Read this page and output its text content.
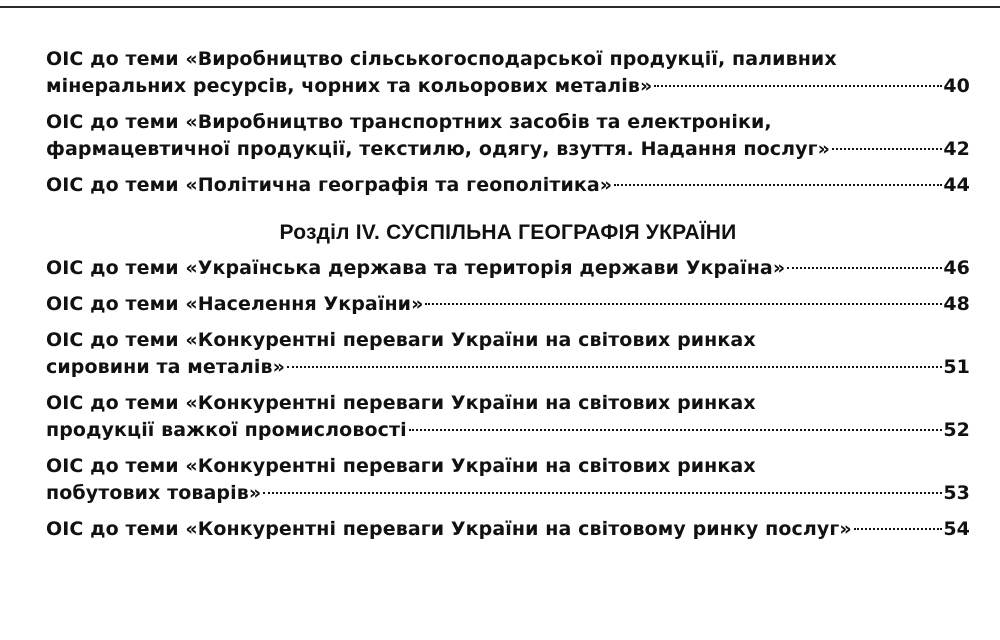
ОІС до теми «Виробництво сільськогосподарської продукції, паливних
мінеральних ресурсів, чорних та кольорових металів»	40
ОІС до теми «Виробництво транспортних засобів та електроніки,
фармацевтичної продукції, текстилю, одягу, взуття. Надання послуг»	42
ОІС до теми «Політична географія та геополітика»	44
Розділ IV. СУСПІЛЬНА ГЕОГРАФІЯ УКРАЇНИ
ОІС до теми «Українська держава та територія держави Україна»	46
ОІС до теми «Населення України»	48
ОІС до теми «Конкурентні переваги України на світових ринках
сировини та металів»	51
ОІС до теми «Конкурентні переваги України на світових ринках
продукції важкої промисловості	52
ОІС до теми «Конкурентні переваги України на світових ринках
побутових товарів»	53
ОІС до теми «Конкурентні переваги України на світовому ринку послуг»	54
